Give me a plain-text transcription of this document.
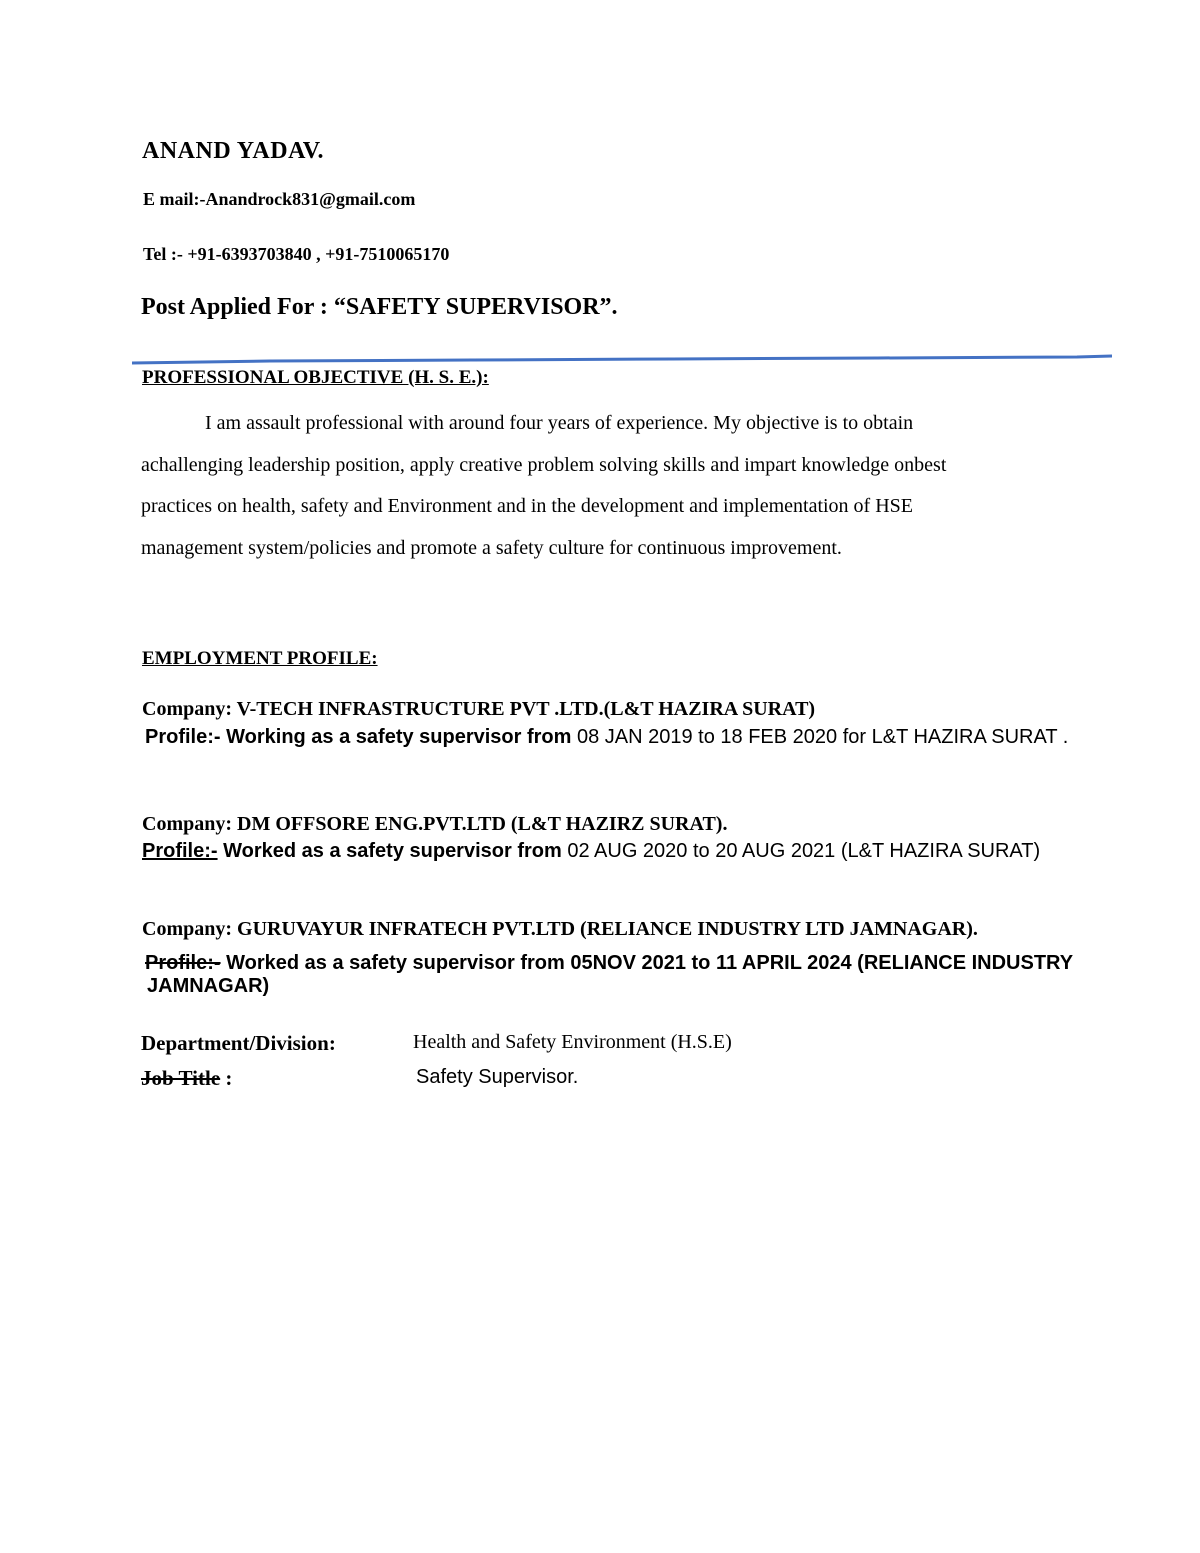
ANAND YADAV.
E mail:-Anandrock831@gmail.com
Tel :- +91-6393703840 , +91-7510065170
Post Applied For : “SAFETY SUPERVISOR”.
PROFESSIONAL OBJECTIVE (H. S. E.):
I am assault professional with around four years of experience. My objective is to obtain
achallenging leadership position, apply creative problem solving skills and impart knowledge onbest
practices on health, safety and Environment and in the development and implementation of HSE
management system/policies and promote a safety culture for continuous improvement.
EMPLOYMENT PROFILE:
Company: V-TECH INFRASTRUCTURE PVT .LTD.(L&T HAZIRA SURAT)
Profile:- Working as a safety supervisor from 08 JAN 2019 to 18 FEB 2020 for L&T HAZIRA SURAT .
Company: DM OFFSORE ENG.PVT.LTD (L&T HAZIRZ SURAT).
Profile:- Worked as a safety supervisor from 02 AUG 2020 to 20 AUG 2021 (L&T HAZIRA SURAT)
Company: GURUVAYUR INFRATECH PVT.LTD (RELIANCE INDUSTRY LTD JAMNAGAR).
Profile:- Worked as a safety supervisor from 05NOV 2021 to 11 APRIL 2024 (RELIANCE INDUSTRY
JAMNAGAR)
Department/Division:	Health and Safety Environment (H.S.E)
Job Title :	Safety Supervisor.
